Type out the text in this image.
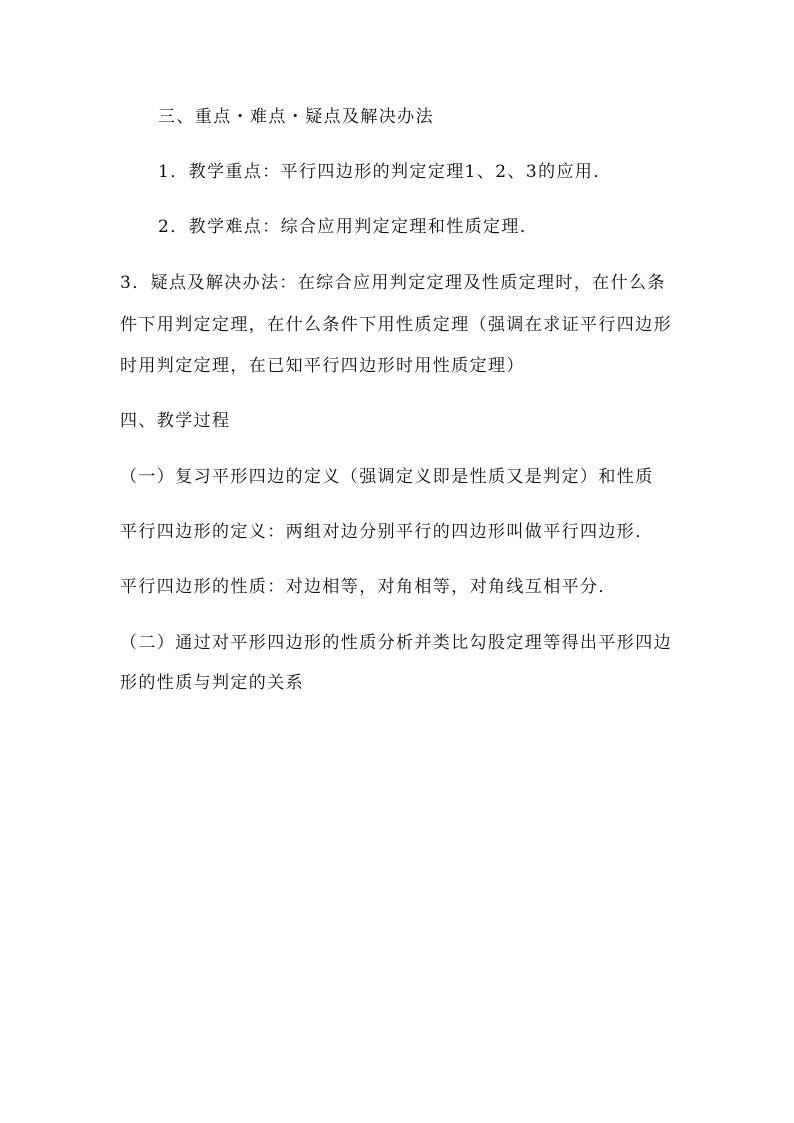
三、重点・难点・疑点及解决办法

1．教学重点：平行四边形的判定定理1、2、3的应用．

2．教学难点：综合应用判定定理和性质定理．

3．疑点及解决办法：在综合应用判定定理及性质定理时，在什么条

件下用判定定理，在什么条件下用性质定理（强调在求证平行四边形

时用判定定理，在已知平行四边形时用性质定理）

四、教学过程

（一）复习平形四边的定义（强调定义即是性质又是判定）和性质

平行四边形的定义：两组对边分别平行的四边形叫做平行四边形．

平行四边形的性质：对边相等，对角相等，对角线互相平分．

（二）通过对平形四边形的性质分析并类比勾股定理等得出平形四边

形的性质与判定的关系
